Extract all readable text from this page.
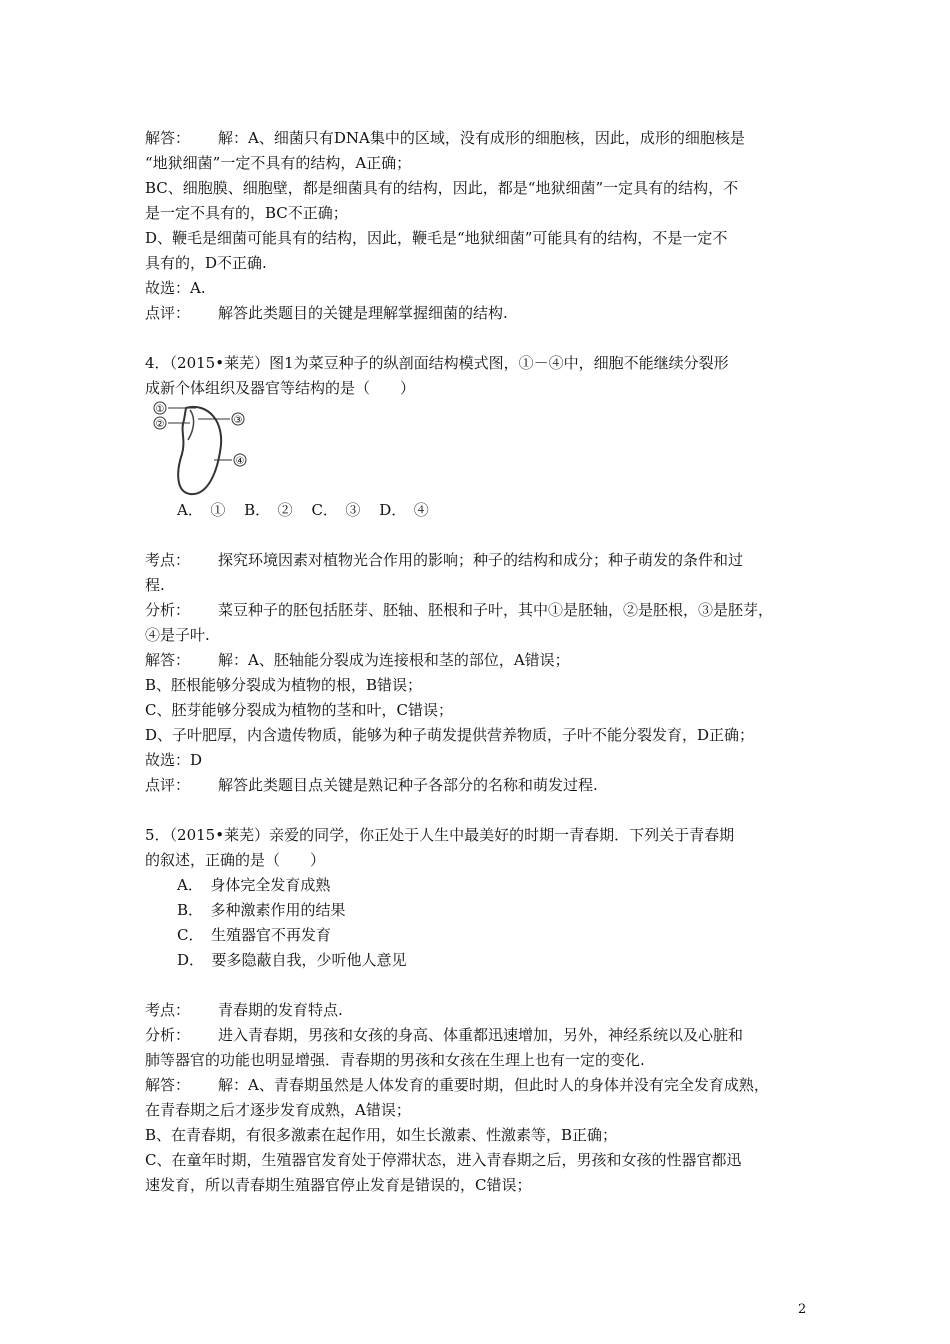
解答： 解：A、细菌只有DNA集中的区域，没有成形的细胞核，因此，成形的细胞核是
“地狱细菌”一定不具有的结构，A正确；
BC、细胞膜、细胞壁，都是细菌具有的结构，因此，都是“地狱细菌”一定具有的结构，不
是一定不具有的，BC不正确；
D、鞭毛是细菌可能具有的结构，因此，鞭毛是“地狱细菌”可能具有的结构，不是一定不
具有的，D不正确.
故选：A.
点评： 解答此类题目的关键是理解掌握细菌的结构.
4．（2015•莱芜）图1为菜豆种子的纵剖面结构模式图，①－④中，细胞不能继续分裂形
成新个体组织及器官等结构的是（　　）
①
②	③
④
A．　① B．　② C．　③ D．　④
考点： 探究环境因素对植物光合作用的影响；种子的结构和成分；种子萌发的条件和过
程.
分析： 菜豆种子的胚包括胚芽、胚轴、胚根和子叶，其中①是胚轴，②是胚根，③是胚芽，
④是子叶.
解答： 解：A、胚轴能分裂成为连接根和茎的部位，A错误；
B、胚根能够分裂成为植物的根，B错误；
C、胚芽能够分裂成为植物的茎和叶，C错误；
D、子叶肥厚，内含遗传物质，能够为种子萌发提供营养物质，子叶不能分裂发育，D正确；
故选：D
点评： 解答此类题目点关键是熟记种子各部分的名称和萌发过程.
5．（2015•莱芜）亲爱的同学，你正处于人生中最美好的时期一青春期．下列关于青春期
的叙述，正确的是（　　）
A．　身体完全发育成熟
B．　多种激素作用的结果
C．　生殖器官不再发育
D．　要多隐蔽自我，少听他人意见
考点： 青春期的发育特点.
分析： 进入青春期，男孩和女孩的身高、体重都迅速增加，另外，神经系统以及心脏和
肺等器官的功能也明显增强．青春期的男孩和女孩在生理上也有一定的变化.
解答： 解：A、青春期虽然是人体发育的重要时期，但此时人的身体并没有完全发育成熟，
在青春期之后才逐步发育成熟，A错误；
B、在青春期，有很多激素在起作用，如生长激素、性激素等，B正确；
C、在童年时期，生殖器官发育处于停滞状态，进入青春期之后，男孩和女孩的性器官都迅
速发育，所以青春期生殖器官停止发育是错误的，C错误；
2
